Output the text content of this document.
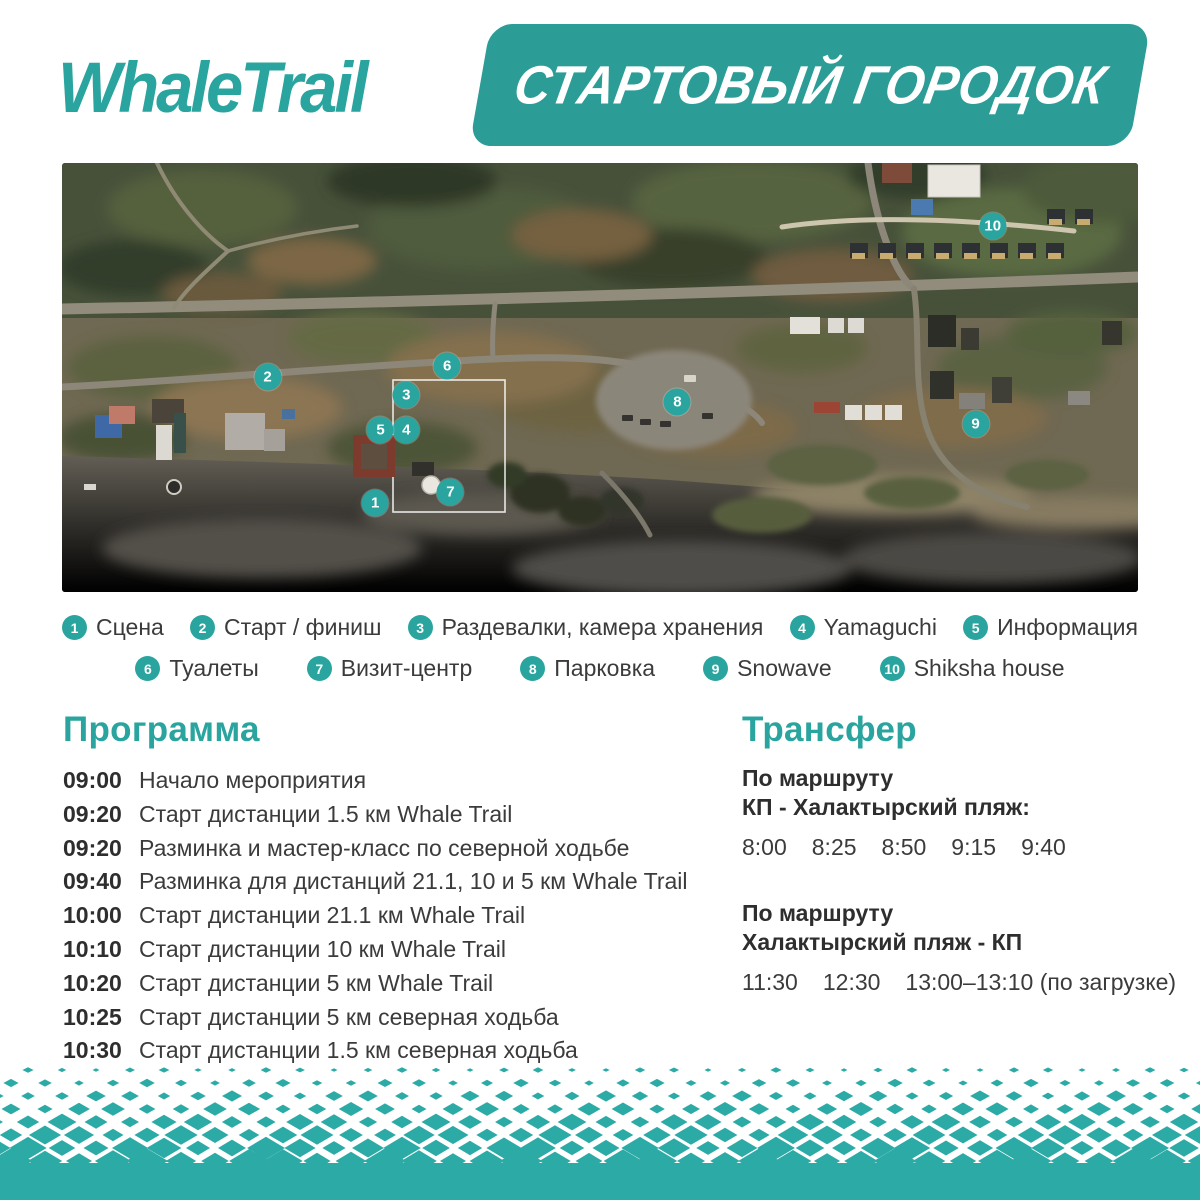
WhaleTrail	СТАРТОВЫЙ ГОРОДОК
1
2
3
4
5
6
7
8
9
10
1 Сцена	2 Старт / финиш	3 Раздевалки, камера хранения	4 Yamaguchi	5 Информация
6 Туалеты	7 Визит-центр	8 Парковка	9 Snowave	10 Shiksha house
Программа
09:00 Начало мероприятия
09:20 Старт дистанции 1.5 км Whale Trail
09:20 Разминка и мастер-класс по северной ходьбе
09:40 Разминка для дистанций 21.1, 10 и 5 км Whale Trail
10:00 Старт дистанции 21.1 км Whale Trail
10:10 Старт дистанции 10 км Whale Trail
10:20 Старт дистанции 5 км Whale Trail
10:25 Старт дистанции 5 км северная ходьба
10:30 Старт дистанции 1.5 км северная ходьба
Трансфер
По маршруту
КП - Халактырский пляж:
8:00 8:25 8:50 9:15 9:40
По маршруту
Халактырский пляж - КП
11:30 12:30 13:00–13:10 (по загрузке)
